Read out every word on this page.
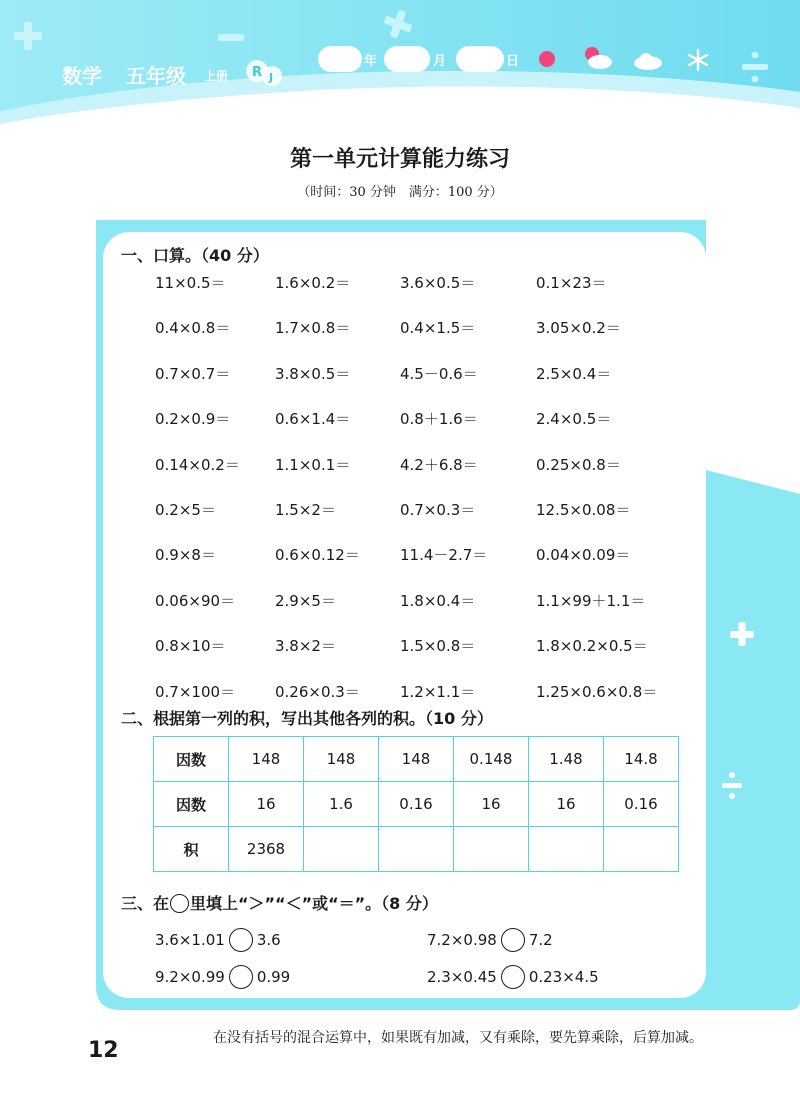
数学 五年级 上册 R J
年	月	日
第一单元计算能力练习
（时间：30 分钟　满分：100 分）
一、口算。（40 分）
11×0.5＝	1.6×0.2＝	3.6×0.5＝	0.1×23＝
0.4×0.8＝	1.7×0.8＝	0.4×1.5＝	3.05×0.2＝
0.7×0.7＝	3.8×0.5＝	4.5－0.6＝	2.5×0.4＝
0.2×0.9＝	0.6×1.4＝	0.8＋1.6＝	2.4×0.5＝
0.14×0.2＝ 1.1×0.1＝	4.2＋6.8＝	0.25×0.8＝
0.2×5＝	1.5×2＝	0.7×0.3＝	12.5×0.08＝
0.9×8＝	0.6×0.12＝	11.4－2.7＝	0.04×0.09＝
0.06×90＝	2.9×5＝	1.8×0.4＝	1.1×99＋1.1＝
0.8×10＝	3.8×2＝	1.5×0.8＝	1.8×0.2×0.5＝
0.7×100＝	0.26×0.3＝	1.2×1.1＝	1.25×0.6×0.8＝
二、根据第一列的积，写出其他各列的积。（10 分）
因数	148	148	148	0.148	1.48	14.8
因数	16	1.6	0.16	16	16	0.16
积	2368					
三、在 里填上“＞”“＜”或“＝”。（8 分）
3.6×1.01 3.6	7.2×0.98 7.2
9.2×0.99 0.99	2.3×0.45 0.23×4.5
12	在没有括号的混合运算中，如果既有加减，又有乘除，要先算乘除，后算加减。
